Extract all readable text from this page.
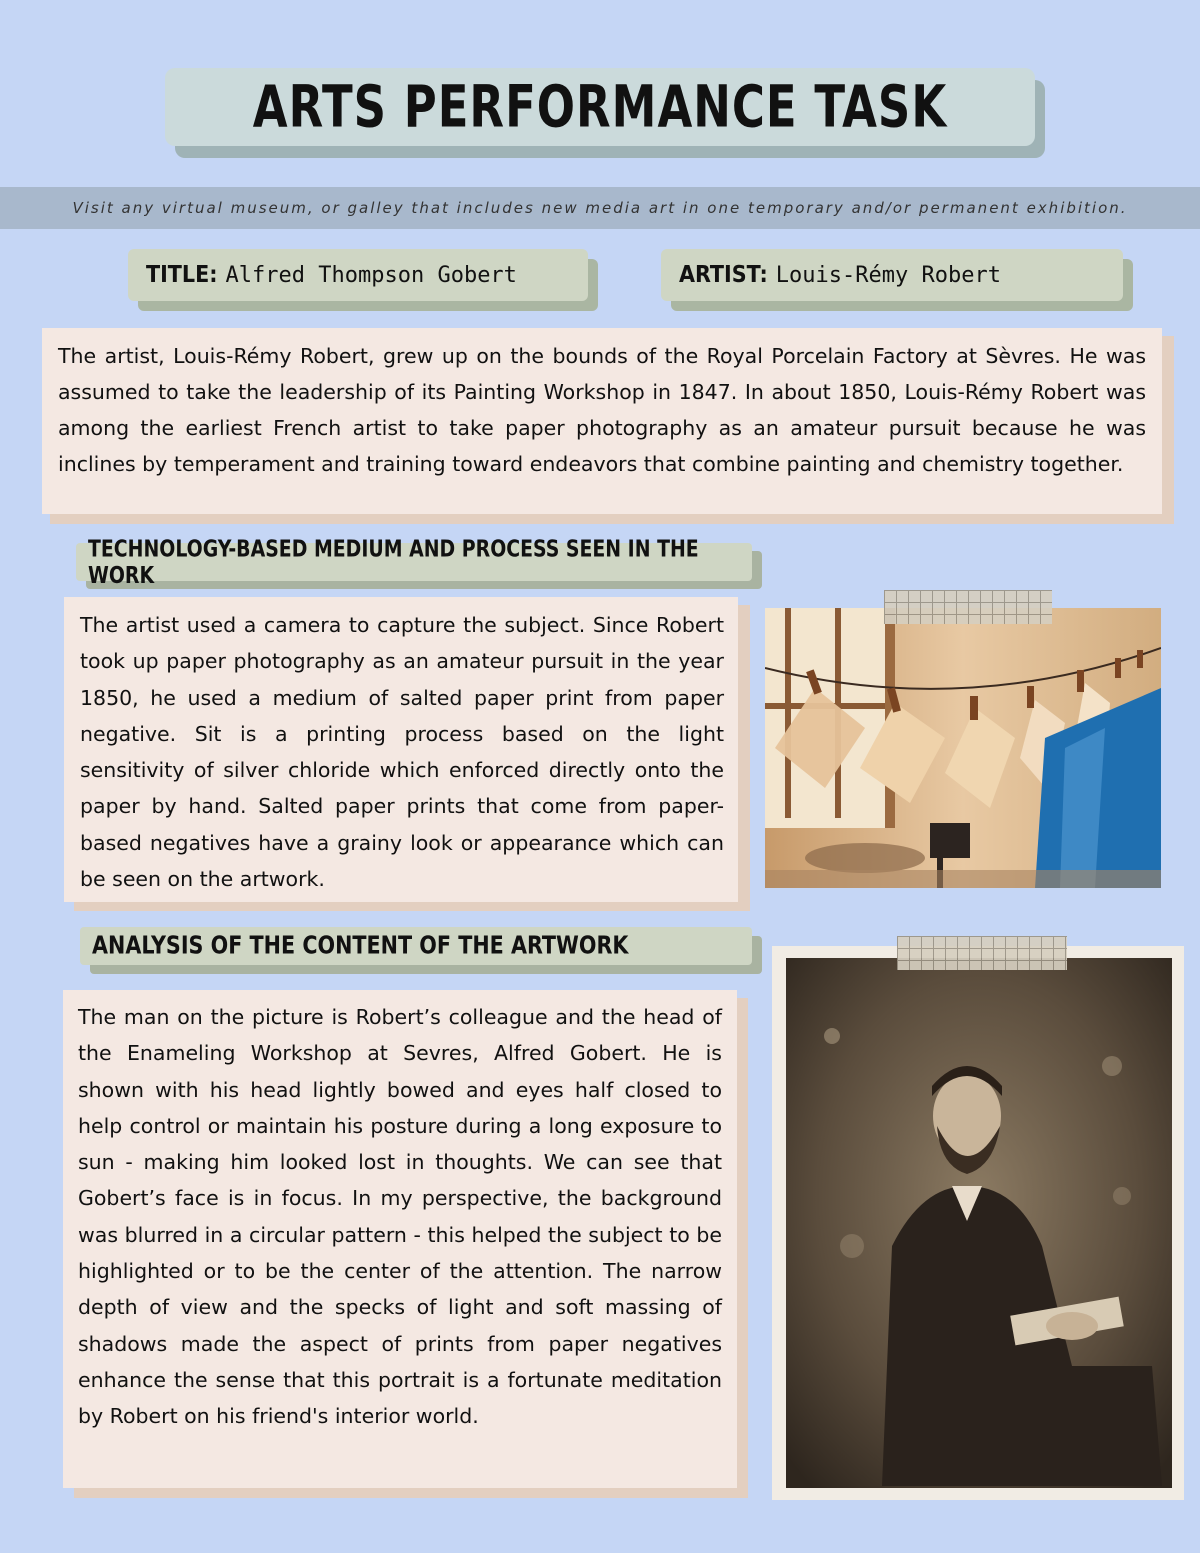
ARTS PERFORMANCE TASK
Visit any virtual museum, or galley that includes new media art in one temporary and/or permanent exhibition.
TITLE: Alfred Thompson Gobert	ARTIST: Louis-Rémy Robert
The artist, Louis-Rémy Robert, grew up on the bounds of the Royal Porcelain Factory at Sèvres. He was assumed to take the leadership of its Painting Workshop in 1847. In about 1850, Louis-Rémy Robert was among the earliest French artist to take paper photography as an amateur pursuit because he was inclines by temperament and training toward endeavors that combine painting and chemistry together.
TECHNOLOGY-BASED MEDIUM AND PROCESS SEEN IN THE WORK
The artist used a camera to capture the subject. Since Robert took up paper photography as an amateur pursuit in the year 1850, he used a medium of salted paper print from paper negative. Sit is a printing process based on the light sensitivity of silver chloride which enforced directly onto the paper by hand. Salted paper prints that come from paper-based negatives have a grainy look or appearance which can be seen on the artwork.
ANALYSIS OF THE CONTENT OF THE ARTWORK
The man on the picture is Robert’s colleague and the head of the Enameling Workshop at Sevres, Alfred Gobert. He is shown with his head lightly bowed and eyes half closed to help control or maintain his posture during a long exposure to sun - making him looked lost in thoughts. We can see that Gobert’s face is in focus. In my perspective, the background was blurred in a circular pattern - this helped the subject to be highlighted or to be the center of the attention. The narrow depth of view and the specks of light and soft massing of shadows made the aspect of prints from paper negatives enhance the sense that this portrait is a fortunate meditation by Robert on his friend's interior world.
